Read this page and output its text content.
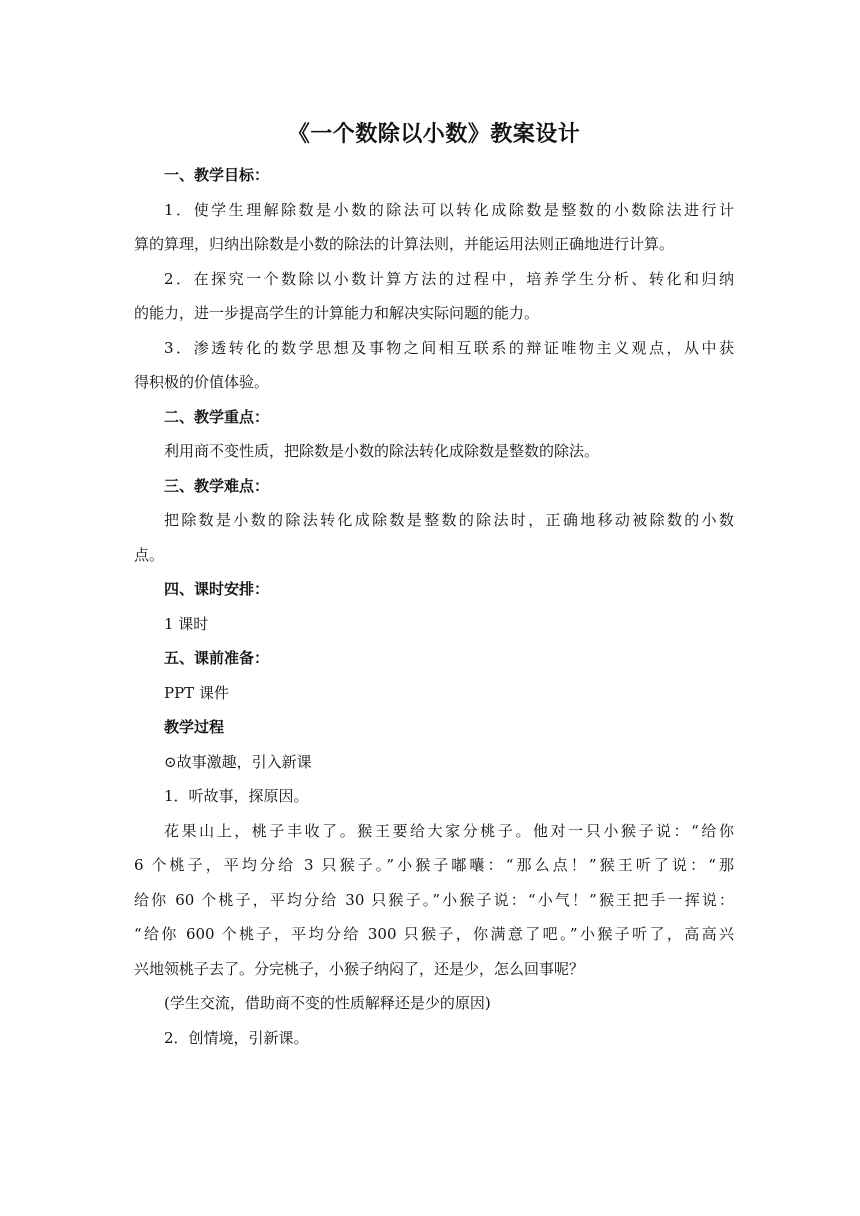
《一个数除以小数》教案设计
一、教学目标：

1．使学生理解除数是小数的除法可以转化成除数是整数的小数除法进行计

算的算理，归纳出除数是小数的除法的计算法则，并能运用法则正确地进行计算。

2．在探究一个数除以小数计算方法的过程中，培养学生分析、转化和归纳

的能力，进一步提高学生的计算能力和解决实际问题的能力。

3．渗透转化的数学思想及事物之间相互联系的辩证唯物主义观点，从中获

得积极的价值体验。

二、教学重点：

利用商不变性质，把除数是小数的除法转化成除数是整数的除法。

三、教学难点：

把除数是小数的除法转化成除数是整数的除法时，正确地移动被除数的小数

点。

四、课时安排：

1 课时

五、课前准备：

PPT 课件

教学过程

⊙故事激趣，引入新课

1．听故事，探原因。

花果山上，桃子丰收了。猴王要给大家分桃子。他对一只小猴子说：“给你

6 个桃子，平均分给 3 只猴子。”小猴子嘟囔：“那么点！”猴王听了说：“那

给你 60 个桃子，平均分给 30 只猴子。”小猴子说：“小气！”猴王把手一挥说：

“给你 600 个桃子，平均分给 300 只猴子，你满意了吧。”小猴子听了，高高兴

兴地领桃子去了。分完桃子，小猴子纳闷了，还是少，怎么回事呢？

(学生交流，借助商不变的性质解释还是少的原因)

2．创情境，引新课。
